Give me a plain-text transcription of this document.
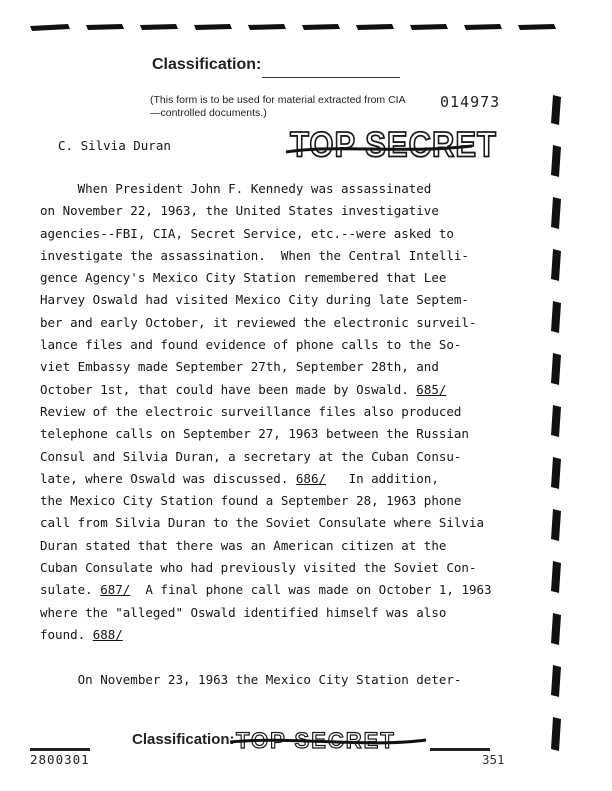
Classification:
(This form is to be used for material extracted from CIA—controlled documents.)
014973
C. Silvia Duran	TOP SECRET
When President John F. Kennedy was assassinated
on November 22, 1963, the United States investigative
agencies--FBI, CIA, Secret Service, etc.--were asked to
investigate the assassination.  When the Central Intelli-
gence Agency's Mexico City Station remembered that Lee
Harvey Oswald had visited Mexico City during late Septem-
ber and early October, it reviewed the electronic surveil-
lance files and found evidence of phone calls to the So-
viet Embassy made September 27th, September 28th, and
October 1st, that could have been made by Oswald. 685/
Review of the electroic surveillance files also produced
telephone calls on September 27, 1963 between the Russian
Consul and Silvia Duran, a secretary at the Cuban Consu-
late, where Oswald was discussed. 686/   In addition,
the Mexico City Station found a September 28, 1963 phone
call from Silvia Duran to the Soviet Consulate where Silvia
Duran stated that there was an American citizen at the
Cuban Consulate who had previously visited the Soviet Con-
sulate. 687/  A final phone call was made on October 1, 1963
where the "alleged" Oswald identified himself was also
found. 688/
On November 23, 1963 the Mexico City Station deter-
Classification: TOP SECRET
2800301	351
